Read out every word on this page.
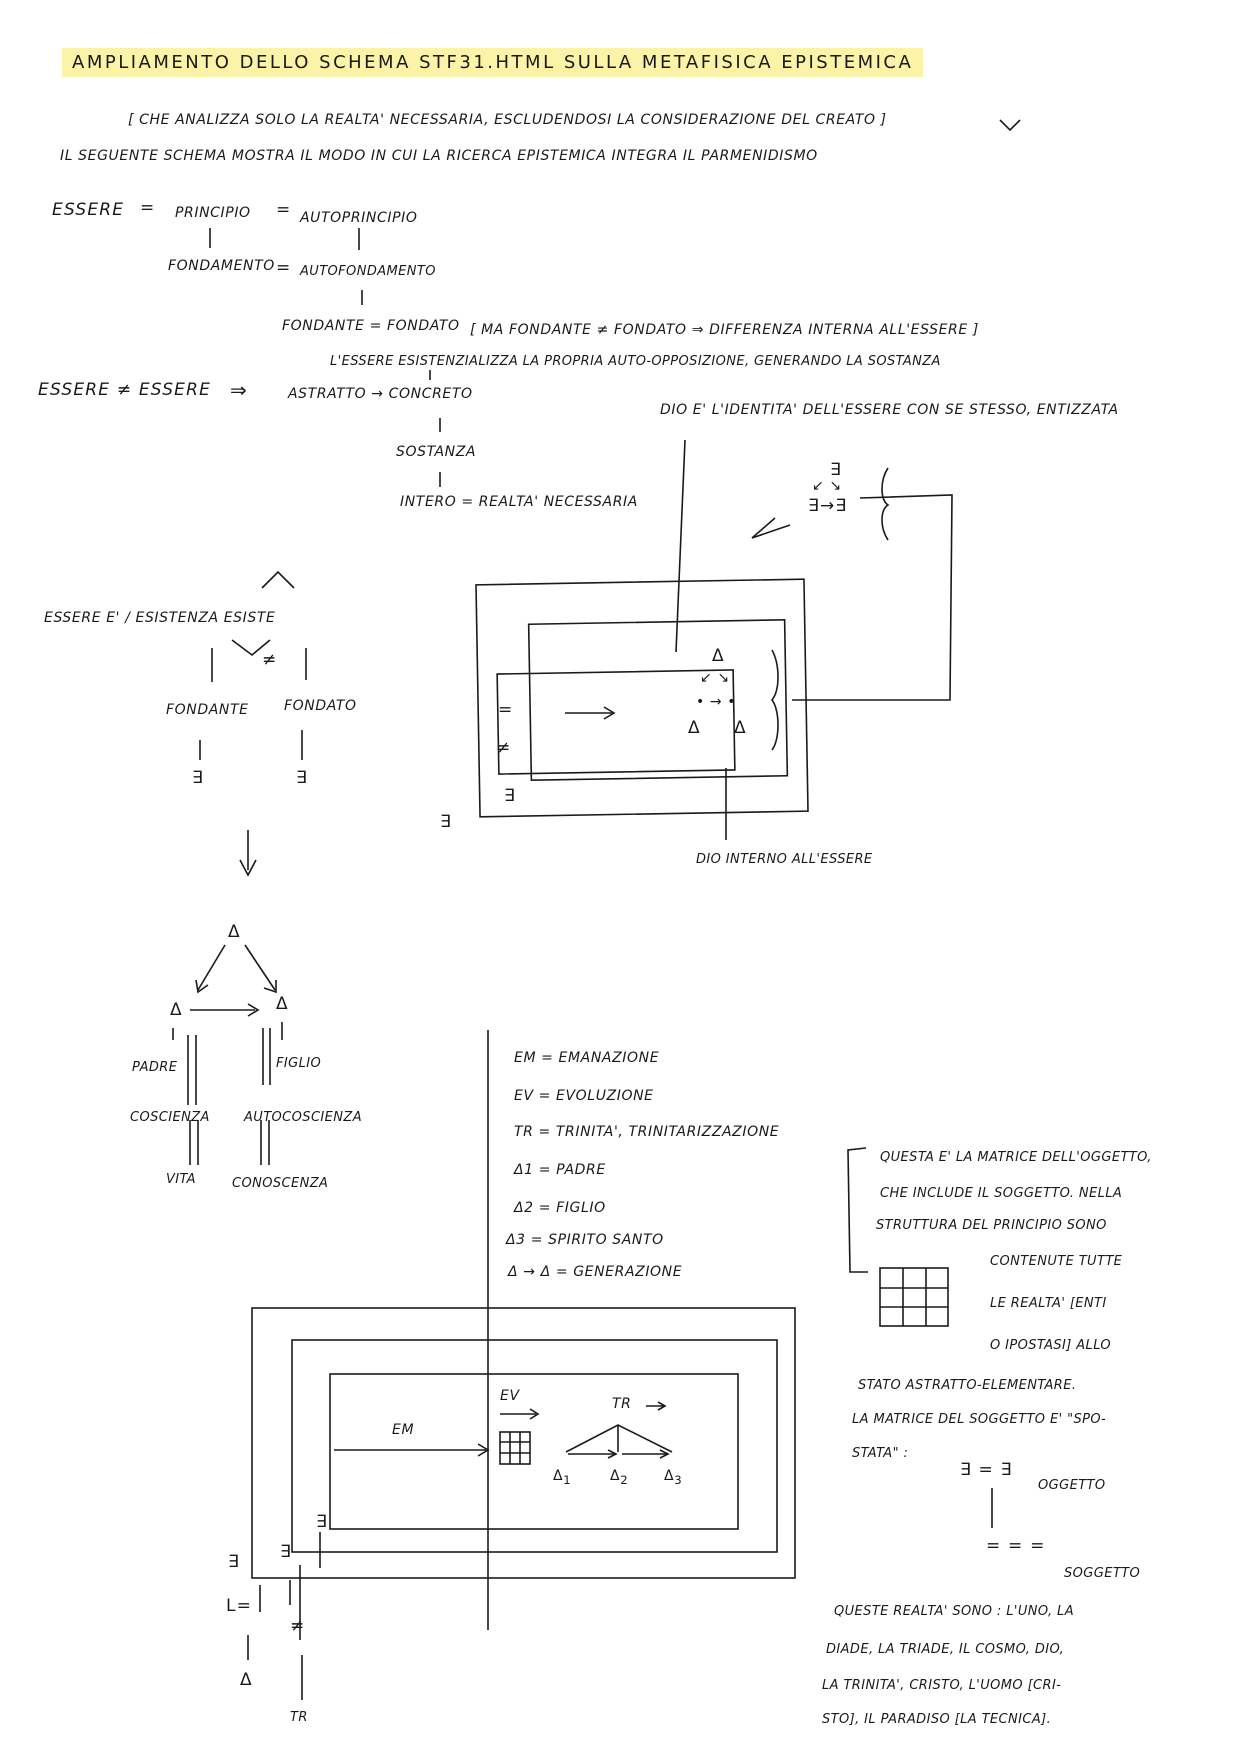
AMPLIAMENTO DELLO SCHEMA STF31.HTML SULLA METAFISICA EPISTEMICA
[ CHE ANALIZZA SOLO LA REALTA' NECESSARIA, ESCLUDENDOSI LA CONSIDERAZIONE DEL CREATO ]
IL SEGUENTE SCHEMA MOSTRA IL MODO IN CUI LA RICERCA EPISTEMICA INTEGRA IL PARMENIDISMO
ESSERE = PRINCIPIO = AUTOPRINCIPIO
FONDAMENTO = AUTOFONDAMENTO
FONDANTE = FONDATO [ MA FONDANTE ≠ FONDATO ⇒ DIFFERENZA INTERNA ALL'ESSERE ]
L'ESSERE ESISTENZIALIZZA LA PROPRIA AUTO-OPPOSIZIONE, GENERANDO LA SOSTANZA
ESSERE ≠ ESSERE ⇒	ASTRATTO → CONCRETO
SOSTANZA
INTERO = REALTA' NECESSARIA
DIO E' L'IDENTITA' DELL'ESSERE CON SE STESSO, ENTIZZATA
∃
↙ ↘
∃→∃
Δ
↙ ↘
• → •
Δ Δ
=
≠
∃
∃
DIO INTERNO ALL'ESSERE
ESSERE E' / ESISTENZA ESISTE
≠
FONDANTE	FONDATO
∃	∃
Δ
Δ	Δ
PADRE	FIGLIO
COSCIENZA	AUTOCOSCIENZA
VITA	CONOSCENZA
EM = EMANAZIONE
EV = EVOLUZIONE
TR = TRINITA', TRINITARIZZAZIONE
Δ1 = PADRE
Δ2 = FIGLIO
Δ3 = SPIRITO SANTO
Δ → Δ = GENERAZIONE
EM
EV	TR
$\Delta_1$	$\Delta_2$	$\Delta_3$
∃
∃
∃
L=
≠
Δ
TR
QUESTA E' LA MATRICE DELL'OGGETTO,
CHE INCLUDE IL SOGGETTO. NELLA
STRUTTURA DEL PRINCIPIO SONO
CONTENUTE TUTTE
LE REALTA' [ENTI
O IPOSTASI] ALLO
STATO ASTRATTO-ELEMENTARE.
LA MATRICE DEL SOGGETTO E' "SPO-
STATA" :
∃ = ∃
OGGETTO
= = =
SOGGETTO
QUESTE REALTA' SONO : L'UNO, LA
DIADE, LA TRIADE, IL COSMO, DIO,
LA TRINITA', CRISTO, L'UOMO [CRI-
STO], IL PARADISO [LA TECNICA].
